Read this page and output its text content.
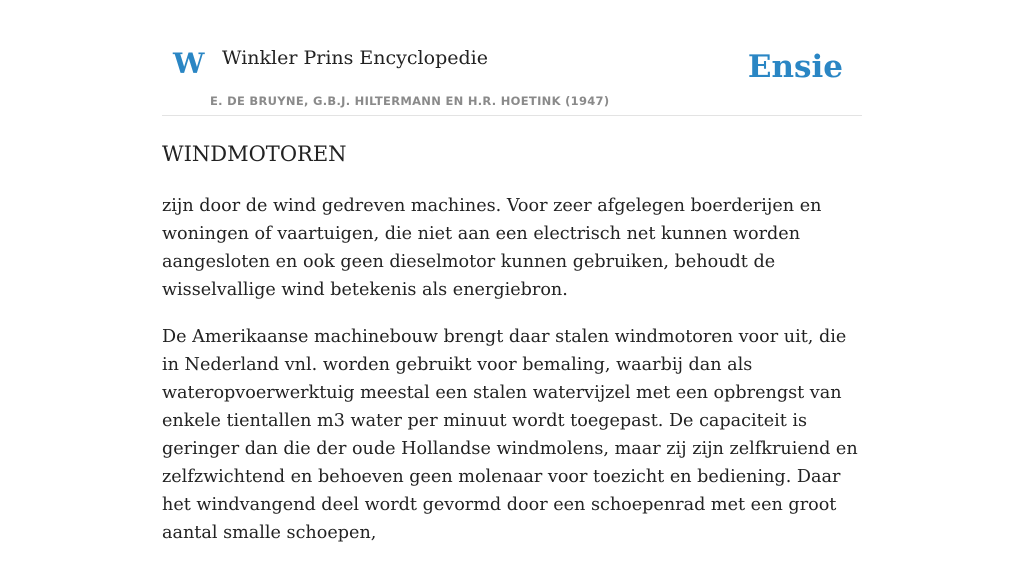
W Winkler Prins Encyclopedie
E. DE BRUYNE, G.B.J. HILTERMANN EN H.R. HOETINK (1947)
Ensie
WINDMOTOREN

zijn door de wind gedreven machines. Voor zeer afgelegen boerderijen en woningen of vaartuigen, die niet aan een electrisch net kunnen worden aangesloten en ook geen dieselmotor kunnen gebruiken, behoudt de wisselvallige wind betekenis als energiebron.

De Amerikaanse machinebouw brengt daar stalen windmotoren voor uit, die in Nederland vnl. worden gebruikt voor bemaling, waarbij dan als wateropvoerwerktuig meestal een stalen watervijzel met een opbrengst van enkele tientallen m3 water per minuut wordt toegepast. De capaciteit is geringer dan die der oude Hollandse windmolens, maar zij zijn zelfkruiend en zelfzwichtend en behoeven geen molenaar voor toezicht en bediening. Daar het windvangend deel wordt gevormd door een schoepenrad met een groot aantal smalle schoepen,
